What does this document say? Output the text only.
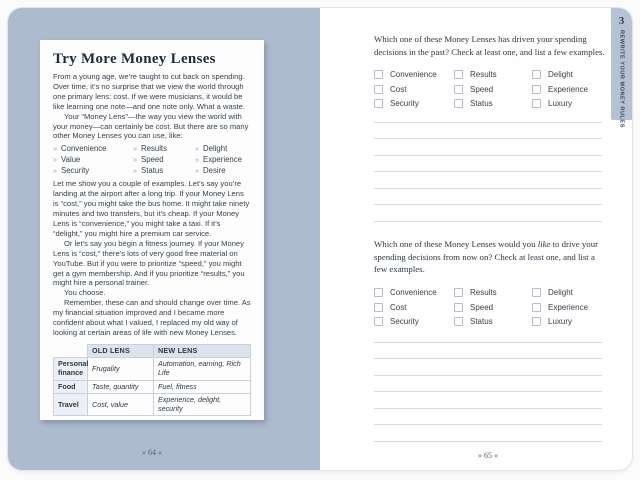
Try More Money Lenses

From a young age, we’re taught to cut back on spending. Over time, it’s no surprise that we view the world through one primary lens: cost. If we were musicians, it would be like learning one note—and one note only. What a waste.

Your “Money Lens”—the way you view the world with your money—can certainly be cost. But there are so many other Money Lenses you can use, like:

» Convenience	» Results	» Delight
» Value	» Speed	» Experience
» Security	» Status	» Desire

Let me show you a couple of examples. Let’s say you’re landing at the airport after a long trip. If your Money Lens is “cost,” you might take the bus home. It might take ninety minutes and two transfers, but it’s cheap. If your Money Lens is “convenience,” you might take a taxi. If it’s “delight,” you might hire a premium car service.

Or let’s say you begin a fitness journey. If your Money Lens is “cost,” there’s lots of very good free material on YouTube. But if you were to prioritize “speed,” you might get a gym membership. And if you prioritize “results,” you might hire a personal trainer.

You choose.

Remember, these can and should change over time. As my financial situation improved and I became more confident about what I valued, I replaced my old way of looking at certain areas of life with new Money Lenses.

	OLD LENS	NEW LENS
Personal finance	Frugality	Automation, earning, Rich Life
Food	Taste, quantity	Fuel, fitness
Travel	Cost, value	Experience, delight, security
» 64 «

Which one of these Money Lenses has driven your spending decisions in the past? Check at least one, and list a few examples.

Convenience	Results	Delight
Cost	Speed	Experience
Security	Status	Luxury

Which one of these Money Lenses would you like to drive your spending decisions from now on? Check at least one, and list a few examples.

Convenience	Results	Delight
Cost	Speed	Experience
Security	Status	Luxury
» 65 «
3
REWRITE YOUR MONEY RULES
